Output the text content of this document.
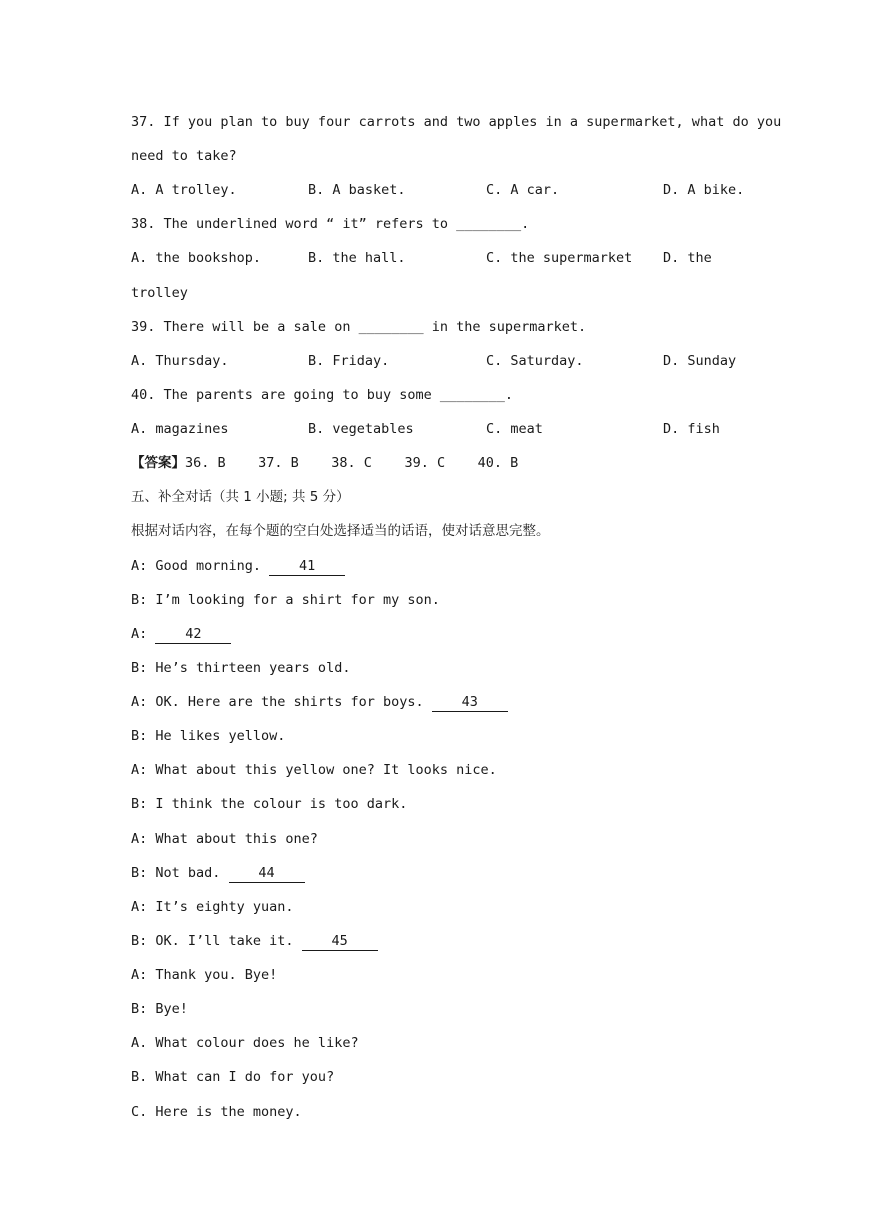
37. If you plan to buy four carrots and two apples in a supermarket, what do you
need to take?
A. A trolley.	B. A basket.	C. A car.	D. A bike.
38. The underlined word “ it” refers to ________.
A. the bookshop.	B. the hall.	C. the supermarket D. the
trolley
39. There will be a sale on ________ in the supermarket.
A. Thursday.	B. Friday.	C. Saturday.	D. Sunday
40. The parents are going to buy some ________.
A. magazines	B. vegetables	C. meat	D. fish
【答案】36. B    37. B    38. C    39. C    40. B
五、补全对话（共 1 小题; 共 5 分）
根据对话内容，在每个题的空白处选择适当的话语，使对话意思完整。
A: Good morning. 41
B: I’m looking for a shirt for my son.
A: 42
B: He’s thirteen years old.
A: OK. Here are the shirts for boys. 43
B: He likes yellow.
A: What about this yellow one? It looks nice.
B: I think the colour is too dark.
A: What about this one?
B: Not bad. 44
A: It’s eighty yuan.
B: OK. I’ll take it. 45
A: Thank you. Bye!
B: Bye!
A. What colour does he like?
B. What can I do for you?
C. Here is the money.
